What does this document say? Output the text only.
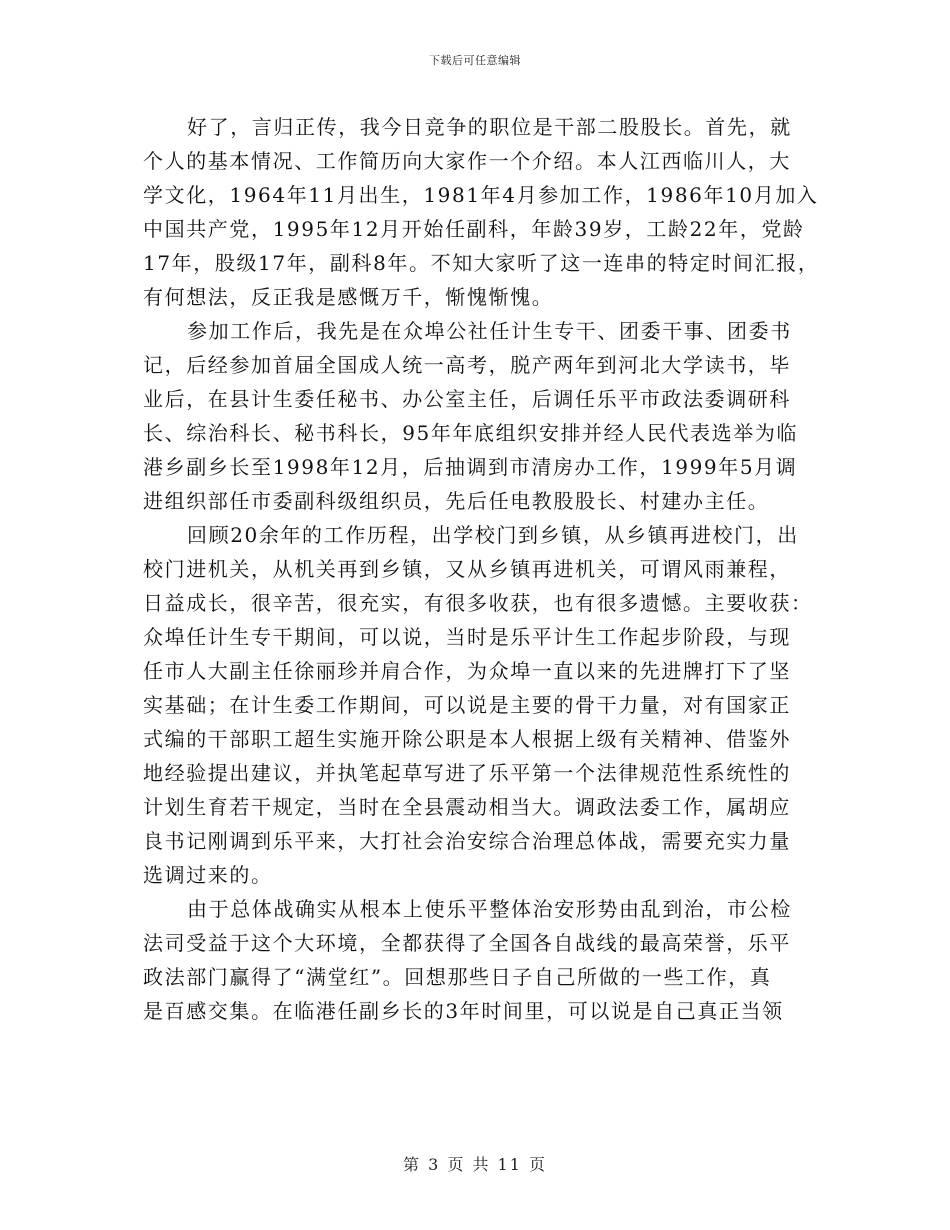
下载后可任意编辑
好了，言归正传，我今日竞争的职位是干部二股股长。首先，就
个人的基本情况、工作简历向大家作一个介绍。本人江西临川人，大
学文化，1964年11月出生，1981年4月参加工作，1986年10月加入
中国共产党，1995年12月开始任副科，年龄39岁，工龄22年，党龄
17年，股级17年，副科8年。不知大家听了这一连串的特定时间汇报，
有何想法，反正我是感慨万千，惭愧惭愧。
参加工作后，我先是在众埠公社任计生专干、团委干事、团委书
记，后经参加首届全国成人统一高考，脱产两年到河北大学读书，毕
业后，在县计生委任秘书、办公室主任，后调任乐平市政法委调研科
长、综治科长、秘书科长，95年年底组织安排并经人民代表选举为临
港乡副乡长至1998年12月，后抽调到市清房办工作，1999年5月调
进组织部任市委副科级组织员，先后任电教股股长、村建办主任。
回顾20余年的工作历程，出学校门到乡镇，从乡镇再进校门，出
校门进机关，从机关再到乡镇，又从乡镇再进机关，可谓风雨兼程，
日益成长，很辛苦，很充实，有很多收获，也有很多遗憾。主要收获：
众埠任计生专干期间，可以说，当时是乐平计生工作起步阶段，与现
任市人大副主任徐丽珍并肩合作，为众埠一直以来的先进牌打下了坚
实基础；在计生委工作期间，可以说是主要的骨干力量，对有国家正
式编的干部职工超生实施开除公职是本人根据上级有关精神、借鉴外
地经验提出建议，并执笔起草写进了乐平第一个法律规范性系统性的
计划生育若干规定，当时在全县震动相当大。调政法委工作，属胡应
良书记刚调到乐平来，大打社会治安综合治理总体战，需要充实力量
选调过来的。
由于总体战确实从根本上使乐平整体治安形势由乱到治，市公检
法司受益于这个大环境，全都获得了全国各自战线的最高荣誉，乐平
政法部门赢得了“满堂红”。回想那些日子自己所做的一些工作，真
是百感交集。在临港任副乡长的3年时间里，可以说是自己真正当领
第 3 页 共 11 页
